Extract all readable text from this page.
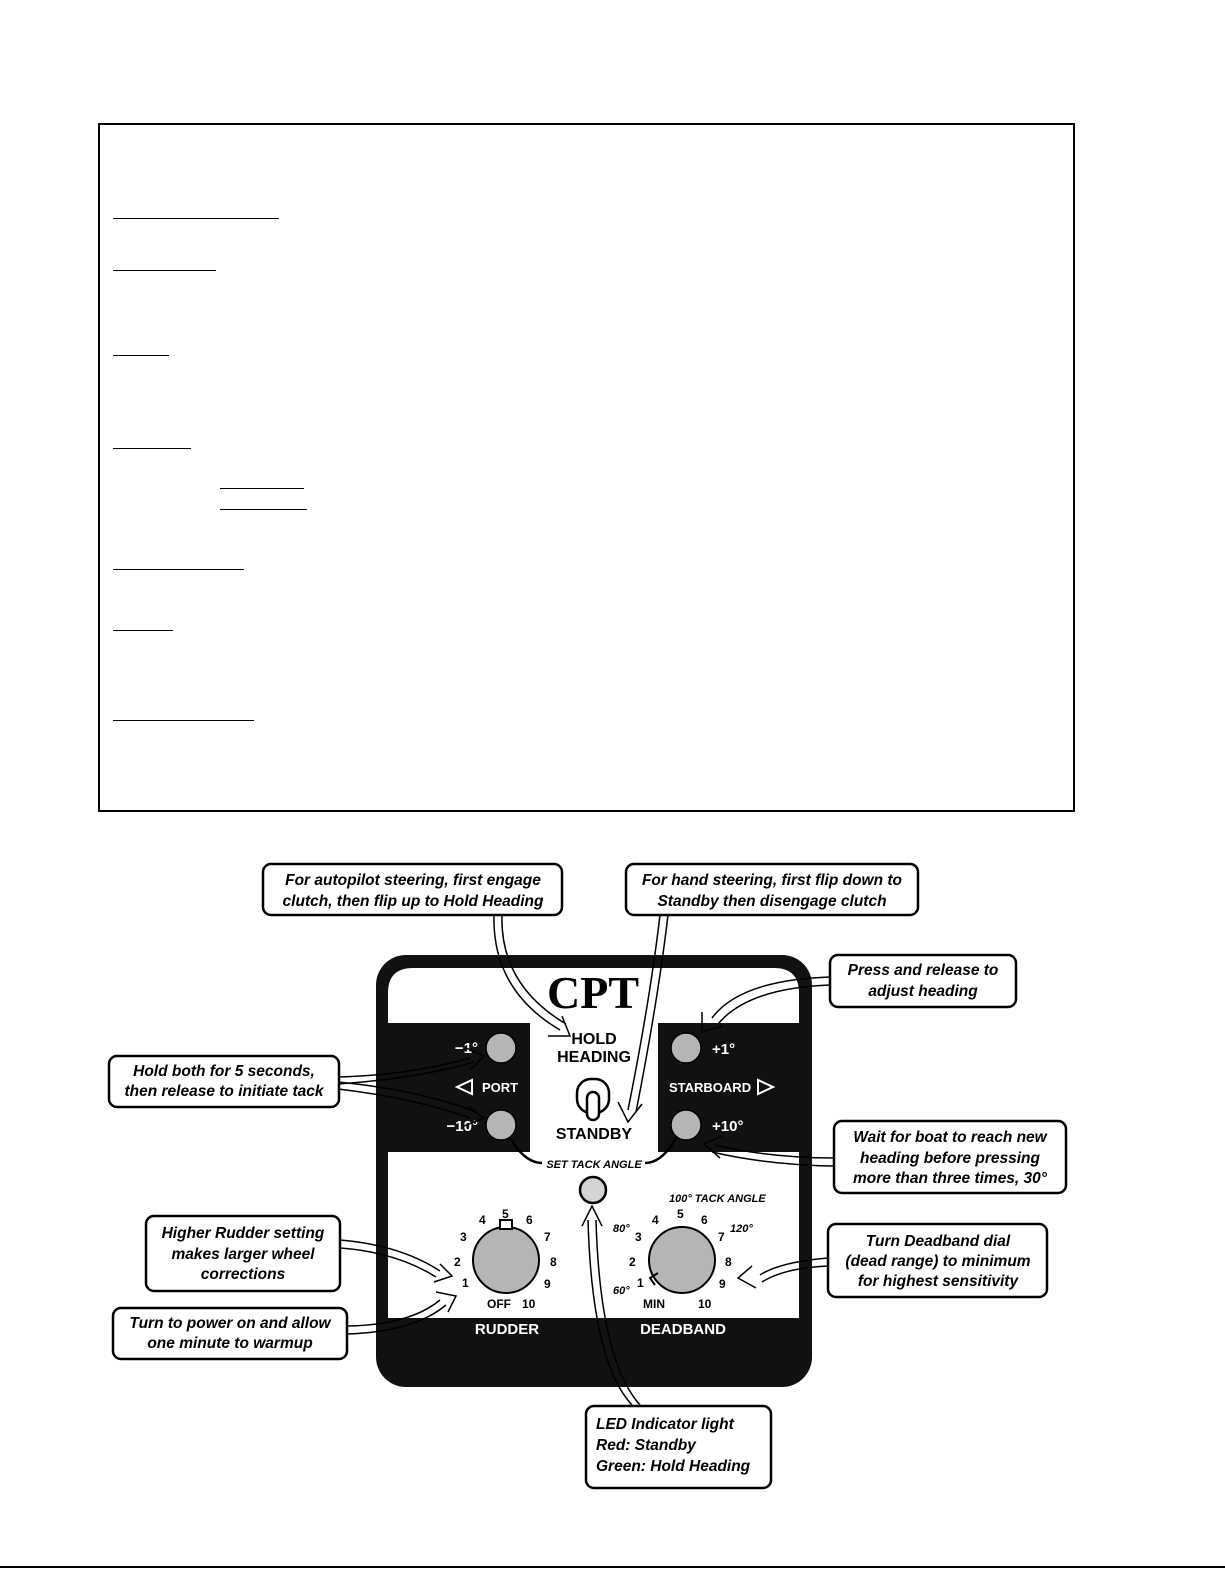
CPT
HOLD
HEADING
STANDBY
−1°
−10°
PORT
+1°
+10°
STARBOARD
SET TACK ANGLE
OFF
1
2
3
4 5 6
7
8
9
10	MIN
1
2
3
4 5 6
7
8
9
10
100° TACK ANGLE
80°	120°
60°
RUDDER	DEADBAND
For autopilot steering, first engage
clutch, then flip up to Hold Heading
For hand steering, first flip down to
Standby then disengage clutch
Press and release to
adjust heading
Hold both for 5 seconds,
then release to initiate tack
Wait for boat to reach new
heading before pressing
more than three times, 30°
Higher Rudder setting
makes larger wheel
corrections
Turn Deadband dial
(dead range) to minimum
for highest sensitivity
Turn to power on and allow
one minute to warmup
LED Indicator light
Red: Standby
Green: Hold Heading
